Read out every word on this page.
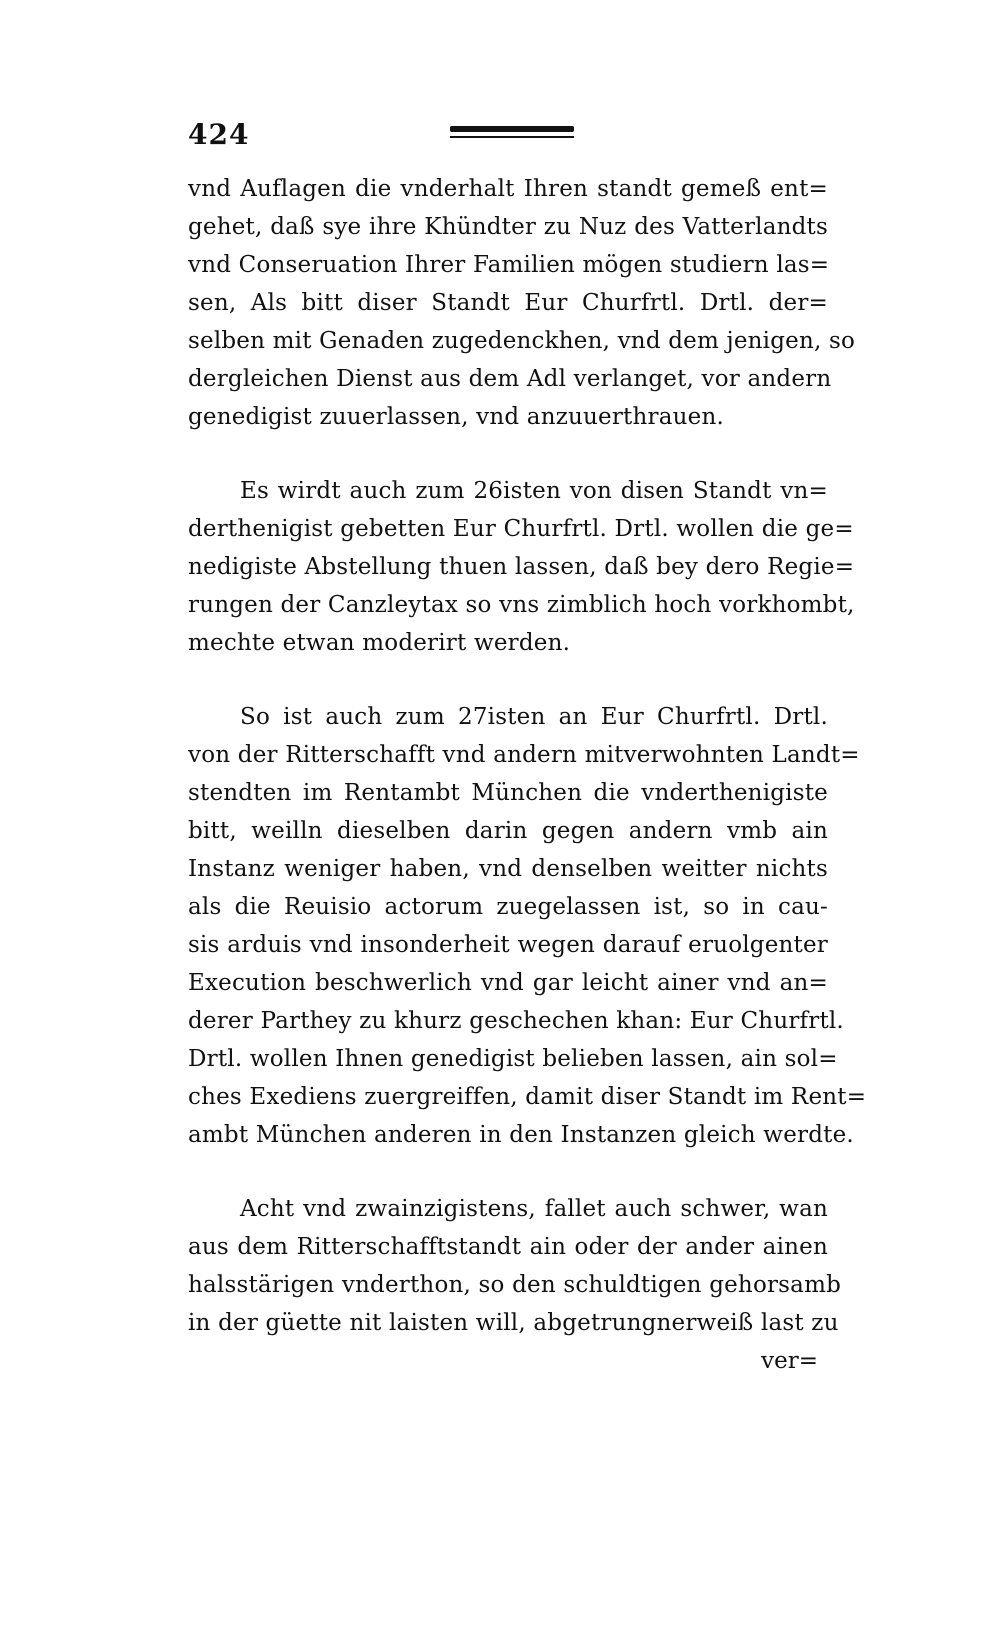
424
vnd Auflagen die vnderhalt Ihren standt gemeß ent=
gehet, daß sye ihre Khündter zu Nuz des Vatterlandts
vnd Conseruation Ihrer Familien mögen studiern las=
sen, Als bitt diser Standt Eur Churfrtl. Drtl. der=
selben mit Genaden zugedenckhen, vnd dem jenigen, so
dergleichen Dienst aus dem Adl verlanget, vor andern
genedigist zuuerlassen, vnd anzuuerthrauen.
Es wirdt auch zum 26isten von disen Standt vn=
derthenigist gebetten Eur Churfrtl. Drtl. wollen die ge=
nedigiste Abstellung thuen lassen, daß bey dero Regie=
rungen der Canzleytax so vns zimblich hoch vorkhombt,
mechte etwan moderirt werden.
So ist auch zum 27isten an Eur Churfrtl. Drtl.
von der Ritterschafft vnd andern mitverwohnten Landt=
stendten im Rentambt München die vnderthenigiste
bitt, weilln dieselben darin gegen andern vmb ain
Instanz weniger haben, vnd denselben weitter nichts
als die Reuisio actorum zuegelassen ist, so in cau-
sis arduis vnd insonderheit wegen darauf eruolgenter
Execution beschwerlich vnd gar leicht ainer vnd an=
derer Parthey zu khurz geschechen khan: Eur Churfrtl.
Drtl. wollen Ihnen genedigist belieben lassen, ain sol=
ches Exediens zuergreiffen, damit diser Standt im Rent=
ambt München anderen in den Instanzen gleich werdte.
Acht vnd zwainzigistens, fallet auch schwer, wan
aus dem Ritterschafftstandt ain oder der ander ainen
halsstärigen vnderthon, so den schuldtigen gehorsamb
in der güette nit laisten will, abgetrungnerweiß last zu
ver=
